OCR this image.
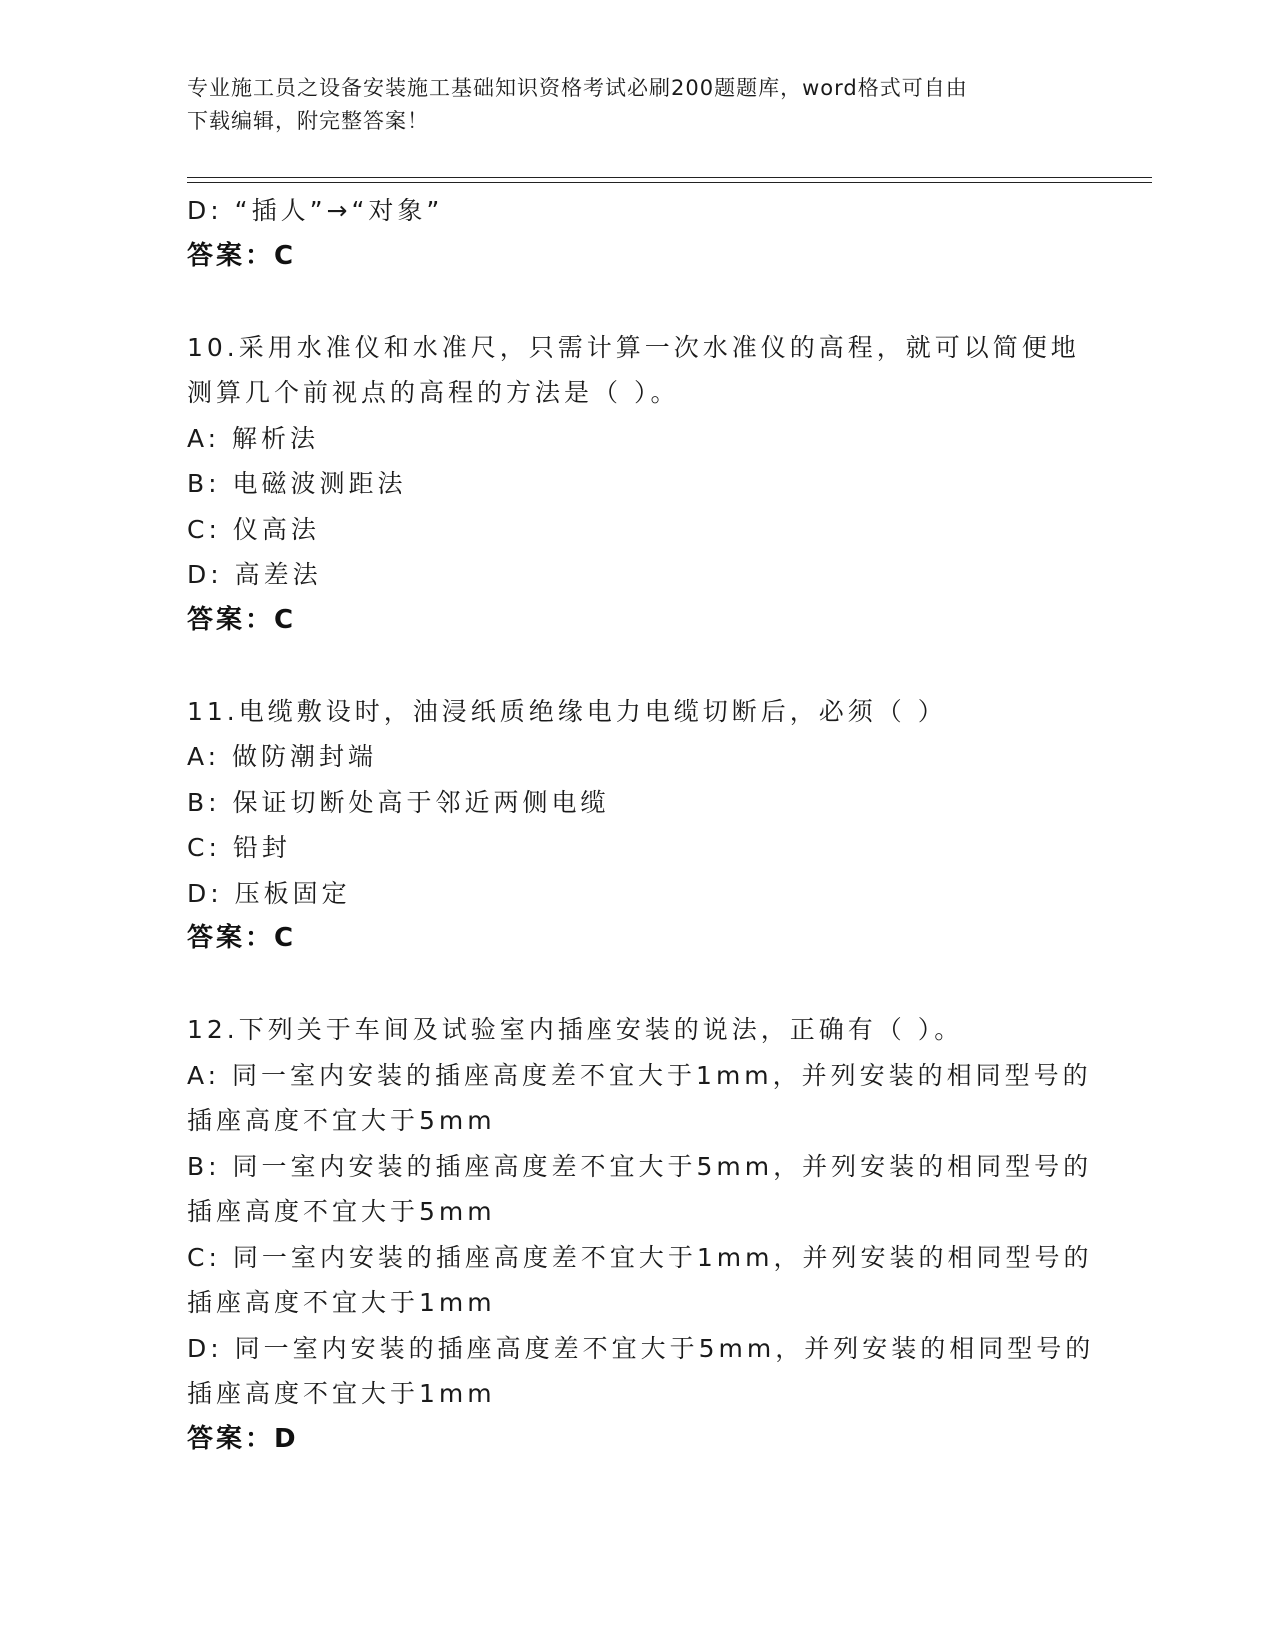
专业施工员之设备安装施工基础知识资格考试必刷200题题库，word格式可自由
下载编辑，附完整答案！
D: “插人”→“对象”
答案：C
10.采用水准仪和水准尺，只需计算一次水准仪的高程，就可以简便地
测算几个前视点的高程的方法是（ ）。
A: 解析法
B: 电磁波测距法
C: 仪高法
D: 高差法
答案：C
11.电缆敷设时，油浸纸质绝缘电力电缆切断后，必须（ ）
A: 做防潮封端
B: 保证切断处高于邻近两侧电缆
C: 铅封
D: 压板固定
答案：C
12.下列关于车间及试验室内插座安装的说法，正确有（ ）。
A: 同一室内安装的插座高度差不宜大于1mm，并列安装的相同型号的
插座高度不宜大于5mm
B: 同一室内安装的插座高度差不宜大于5mm，并列安装的相同型号的
插座高度不宜大于5mm
C: 同一室内安装的插座高度差不宜大于1mm，并列安装的相同型号的
插座高度不宜大于1mm
D: 同一室内安装的插座高度差不宜大于5mm，并列安装的相同型号的
插座高度不宜大于1mm
答案：D
